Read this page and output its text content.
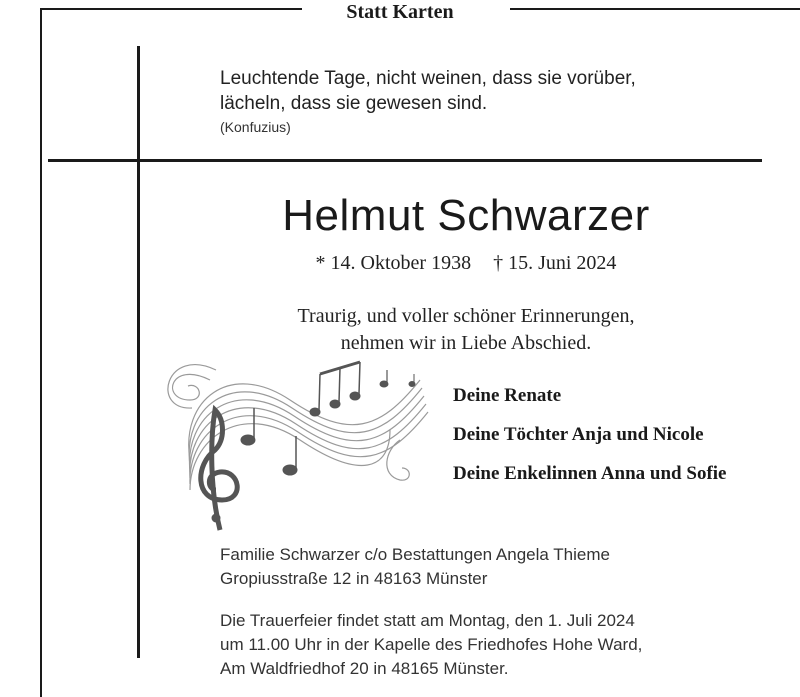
Statt Karten
Leuchtende Tage, nicht weinen, dass sie vorüber,
lächeln, dass sie gewesen sind.
(Konfuzius)
Helmut Schwarzer
* 14. Oktober 1938 † 15. Juni 2024
Traurig, und voller schöner Erinnerungen,
nehmen wir in Liebe Abschied.
Deine Renate
Deine Töchter Anja und Nicole
Deine Enkelinnen Anna und Sofie
Familie Schwarzer c/o Bestattungen Angela Thieme
Gropiusstraße 12 in 48163 Münster
Die Trauerfeier findet statt am Montag, den 1. Juli 2024
um 11.00 Uhr in der Kapelle des Friedhofes Hohe Ward,
Am Waldfriedhof 20 in 48165 Münster.
